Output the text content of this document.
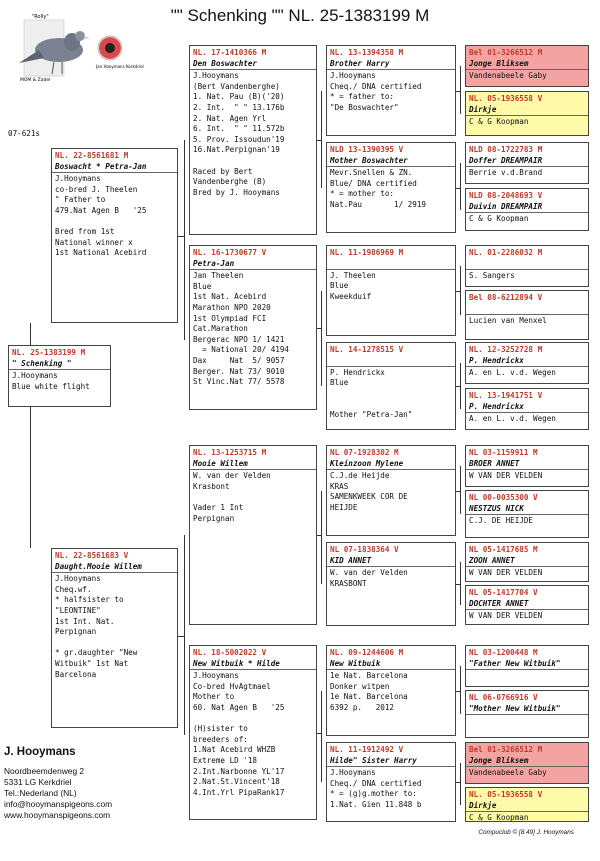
"" Schenking "" NL. 25-1383199 M
"Rolly"
MOM & Zadel
Jan Hooymans Kerkdriel
07-621s
NL. 25-1383199 M
" Schenking "
J.Hooymans
Blue white flight
NL. 22-8561681 M
Boswacht * Petra-Jan
J.Hooymans
co-bred J. Theelen
" Father to
479.Nat Agen B   '25

Bred from 1st
National winner x
1st National Acebird
NL. 22-8561683 V
Daught.Mooie Willem
J.Hooymans
Cheq.wf.
* halfsister to
"LEONTINE"
1st Int. Nat.
Perpignan

* gr.daughter "New
Witbuik" 1st Nat
Barcelona
NL. 17-1410366 M
Den Boswachter
J.Hooymans
(Bert Vandenberghe)
1. Nat. Pau (B)('20)
2. Int.  " " 13.176b
2. Nat. Agen Yrl
6. Int.  " " 11.572b
5. Prov. Issoudun'19
16.Nat.Perpignan'19

Raced by Bert
Vandenberghe (B)
Bred by J. Hooymans
NL. 16-1730677 V
Petra-Jan
Jan Theelen
Blue
1st Nat. Acebird
Marathon NPO 2020
1st Olympiad FCI
Cat.Marathon
Bergerac NPO 1/ 1421
= National 20/ 4194
Dax     Nat  5/ 9057
Berger. Nat 73/ 9010
St Vinc.Nat 77/ 5578
NL. 13-1253715 M
Mooie Willem
W. van der Velden
Krasbont

Vader 1 Int
Perpignan
NL. 18-5002022 V
New Witbuik * Hilde
J.Hooymans
Co-bred HvAgtmael
Mother to
60. Nat Agen B   '25

(H)sister to
breeders of:
1.Nat Acebird WHZB
Extreme LD '18
2.Int.Narbonne YL'17
2.Nat.St.Vincent'18
4.Int.Yrl PipaRank17
NL. 13-1394358 M
Brother Harry
J.Hooymans
Cheq./ DNA certified
* = father to:
"De Boswachter"
NLD 13-1390395 V
Mother Boswachter
Mevr.Snellen & ZN.
Blue/ DNA certified
* = mother to:
Nat.Pau       1/ 2919
NL. 11-1986969 M
J. Theelen
Blue
Kweekduif
NL. 14-1278515 V
P. Hendrickx
Blue

Mother "Petra-Jan"
NL 07-1928302 M
Kleinzoon Mylene
C.J.de Heijde
KRAS
SAMENKWEEK COR DE
HEIJDE
NL 07-1838364 V
KID ANNET
W. van der Velden
KRASBONT
NL. 09-1244606 M
New Witbuik
1e Nat. Barcelona
Donker witpen
1e Nat. Barcelona
6392 p.   2012
NL. 11-1912492 V
Hilde" Sister Harry
J.Hooymans
Cheq./ DNA certified
* = (g)g.mother to:
1.Nat. Gien 11.848 b
Bel 01-3266512 M
Jonge Bliksem
Vandenabeele Gaby
NL. 05-1936558 V
Dirkje
C & G Koopman
NLD 08-1722783 M
Doffer DREAMPAIR
Berrie v.d.Brand
NLD 08-2048693 V
Duivin DREAMPAIR
C & G Koopman
NL. 01-2286032 M
S. Sangers
Bel 08-6212894 V
Lucien van Menxel
NL. 12-3252728 M
P. Hendrickx
A. en L. v.d. Wegen
NL. 13-1941751 V
P. Hendrickx
A. en L. v.d. Wegen
NL 03-1159911 M
BROER ANNET
W VAN DER VELDEN
NL 00-0035300 V
NESTZUS NICK
C.J. DE HEIJDE
NL 05-1417685 M
ZOON ANNET
W VAN DER VELDEN
NL 05-1417704 V
DOCHTER ANNET
W VAN DER VELDEN
NL 03-1200448 M
"Father New Witbuik"
NL 06-0766916 V
"Mother New Witbuik"
Bel 01-3266512 M
Jonge Bliksem
Vandenabeele Gaby
NL. 05-1936558 V
Dirkje
C & G Koopman
J. Hooymans
Noordbeemdenweg 2
5331 LG Kerkdriel
Tel.:Nederland (NL)
info@hooymanspigeons.com
www.hooymanspigeons.com
Compuclub © [8.49] J. Hooymans
